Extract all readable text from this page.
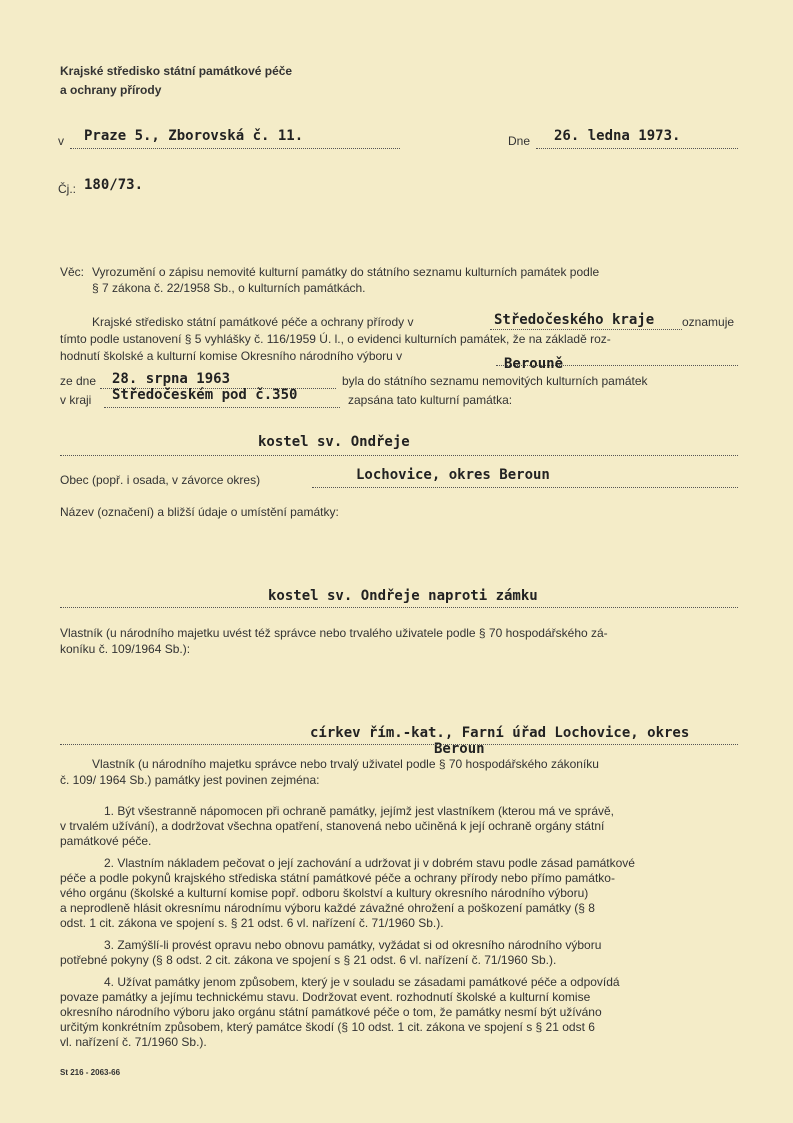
Krajské středisko státní památkové péče
a ochrany přírody
v Praze 5., Zborovská č. 11.	Dne 26. ledna 1973.
Čj.: 180/73.
Věc: Vyrozumění o zápisu nemovité kulturní památky do státního seznamu kulturních památek podle
§ 7 zákona č. 22/1958 Sb., o kulturních památkách.
Krajské středisko státní památkové péče a ochrany přírody v	Středočeského kraje oznamuje
tímto podle ustanovení § 5 vyhlášky č. 116/1959 Ú. l., o evidenci kulturních památek, že na základě roz-
hodnutí školské a kulturní komise Okresního národního výboru v	Berouně
ze dne 28. srpna 1963	byla do státního seznamu nemovitých kulturních památek
v kraji Středočeském pod č.350	zapsána tato kulturní památka:
kostel sv. Ondřeje
Obec (popř. i osada, v závorce okres)	Lochovice, okres Beroun
Název (označení) a bližší údaje o umístění památky:
kostel sv. Ondřeje naproti zámku
Vlastník (u národního majetku uvést též správce nebo trvalého uživatele podle § 70 hospodářského zá-
koníku č. 109/1964 Sb.):
církev řím.-kat., Farní úřad Lochovice, okres
Beroun
Vlastník (u národního majetku správce nebo trvalý uživatel podle § 70 hospodářského zákoníku
č. 109/ 1964 Sb.) památky jest povinen zejména:
1. Být všestranně nápomocen při ochraně památky, jejímž jest vlastníkem (kterou má ve správě,
v trvalém užívání), a dodržovat všechna opatření, stanovená nebo učiněná k její ochraně orgány státní
památkové péče.
2. Vlastním nákladem pečovat o její zachování a udržovat ji v dobrém stavu podle zásad památkové
péče a podle pokynů krajského střediska státní památkové péče a ochrany přírody nebo přímo památko-
vého orgánu (školské a kulturní komise popř. odboru školství a kultury okresního národního výboru)
a neprodleně hlásit okresnímu národnímu výboru každé závažné ohrožení a poškození památky (§ 8
odst. 1 cit. zákona ve spojení s. § 21 odst. 6 vl. nařízení č. 71/1960 Sb.).
3. Zamýšlí-li provést opravu nebo obnovu památky, vyžádat si od okresního národního výboru
potřebné pokyny (§ 8 odst. 2 cit. zákona ve spojení s § 21 odst. 6 vl. nařízení č. 71/1960 Sb.).
4. Užívat památky jenom způsobem, který je v souladu se zásadami památkové péče a odpovídá
povaze památky a jejímu technickému stavu. Dodržovat event. rozhodnutí školské a kulturní komise
okresního národního výboru jako orgánu státní památkové péče o tom, že památky nesmí být užíváno
určitým konkrétním způsobem, který památce škodí (§ 10 odst. 1 cit. zákona ve spojení s § 21 odst 6
vl. nařízení č. 71/1960 Sb.).
St 216 - 2063-66
